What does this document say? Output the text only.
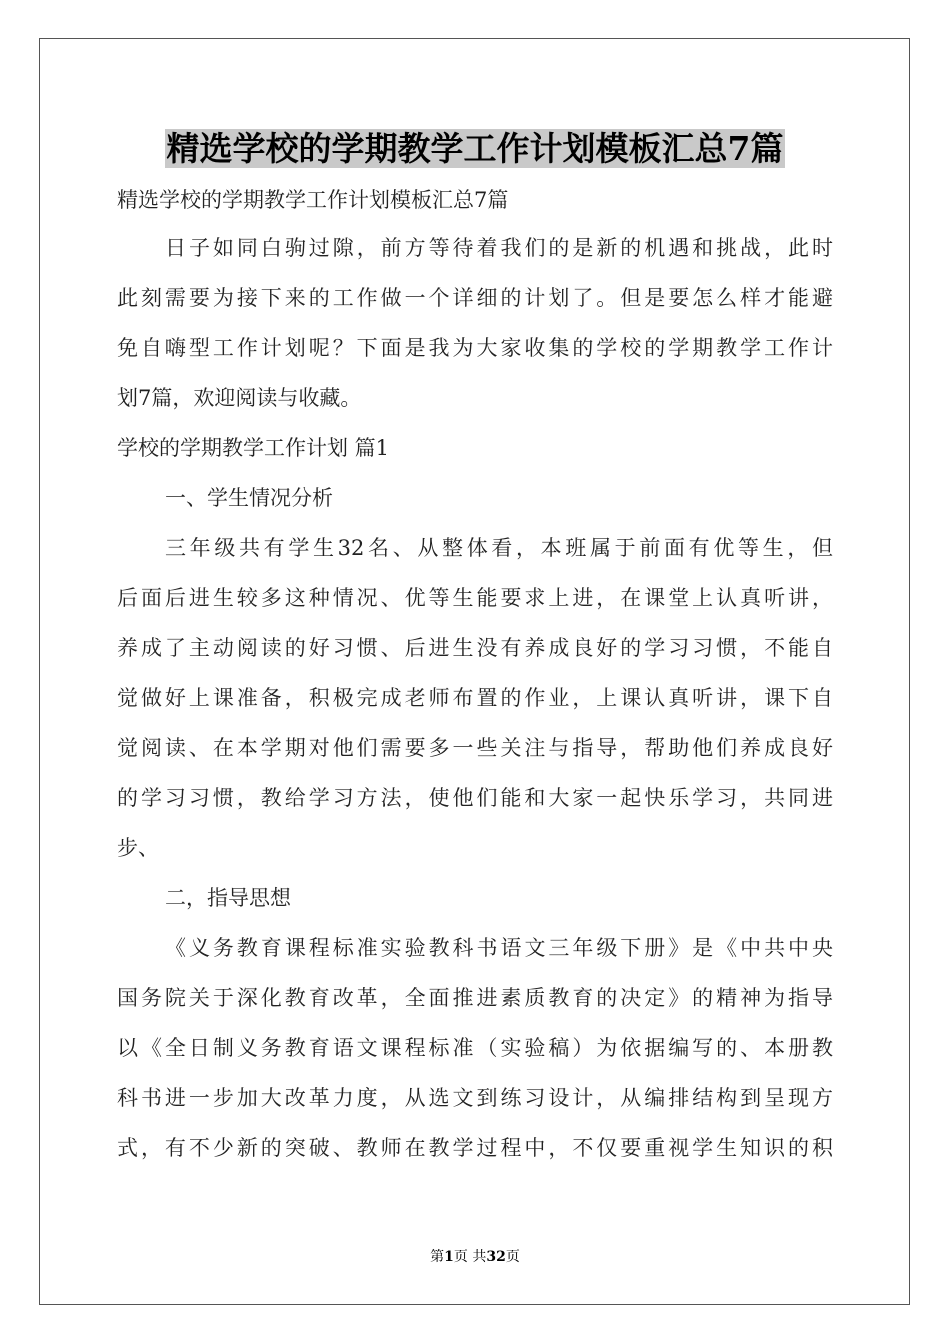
精选学校的学期教学工作计划模板汇总7篇
精选学校的学期教学工作计划模板汇总7篇
日子如同白驹过隙，前方等待着我们的是新的机遇和挑战，此时
此刻需要为接下来的工作做一个详细的计划了。但是要怎么样才能避
免自嗨型工作计划呢？下面是我为大家收集的学校的学期教学工作计
划7篇，欢迎阅读与收藏。
学校的学期教学工作计划 篇1
一、学生情况分析
三年级共有学生32名、从整体看，本班属于前面有优等生，但
后面后进生较多这种情况、优等生能要求上进，在课堂上认真听讲，
养成了主动阅读的好习惯、后进生没有养成良好的学习习惯，不能自
觉做好上课准备，积极完成老师布置的作业，上课认真听讲，课下自
觉阅读、在本学期对他们需要多一些关注与指导，帮助他们养成良好
的学习习惯，教给学习方法，使他们能和大家一起快乐学习，共同进
步、
二，指导思想
《义务教育课程标准实验教科书语文三年级下册》是《中共中央
国务院关于深化教育改革，全面推进素质教育的决定》的精神为指导
以《全日制义务教育语文课程标准（实验稿）为依据编写的、本册教
科书进一步加大改革力度，从选文到练习设计，从编排结构到呈现方
式，有不少新的突破、教师在教学过程中，不仅要重视学生知识的积
第1页 共32页
